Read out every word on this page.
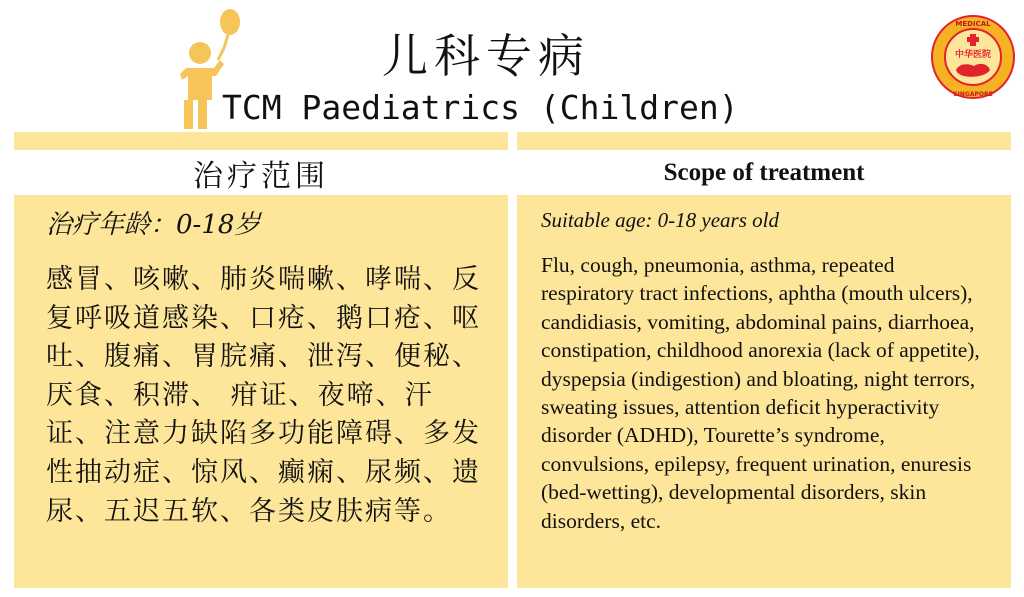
儿科专病
TCM Paediatrics (Children)
MEDICAL
SINGAPORE
中华医院
治疗范围	Scope of treatment
治疗年龄：0-18岁
感冒、咳嗽、肺炎喘嗽、哮喘、反复呼吸道感染、口疮、鹅口疮、呕吐、腹痛、胃脘痛、泄泻、便秘、厌食、积滞、 疳证、夜啼、汗证、注意力缺陷多功能障碍、多发性抽动症、惊风、癫痫、尿频、遗尿、五迟五软、各类皮肤病等。
Suitable age: 0-18 years old
Flu, cough, pneumonia, asthma, repeated respiratory tract infections, aphtha (mouth ulcers), candidiasis, vomiting, abdominal pains, diarrhoea, constipation, childhood anorexia (lack of appetite), dyspepsia (indigestion) and bloating, night terrors, sweating issues, attention deficit hyperactivity disorder (ADHD), Tourette’s syndrome, convulsions, epilepsy, frequent urination, enuresis (bed-wetting), developmental disorders, skin disorders, etc.
